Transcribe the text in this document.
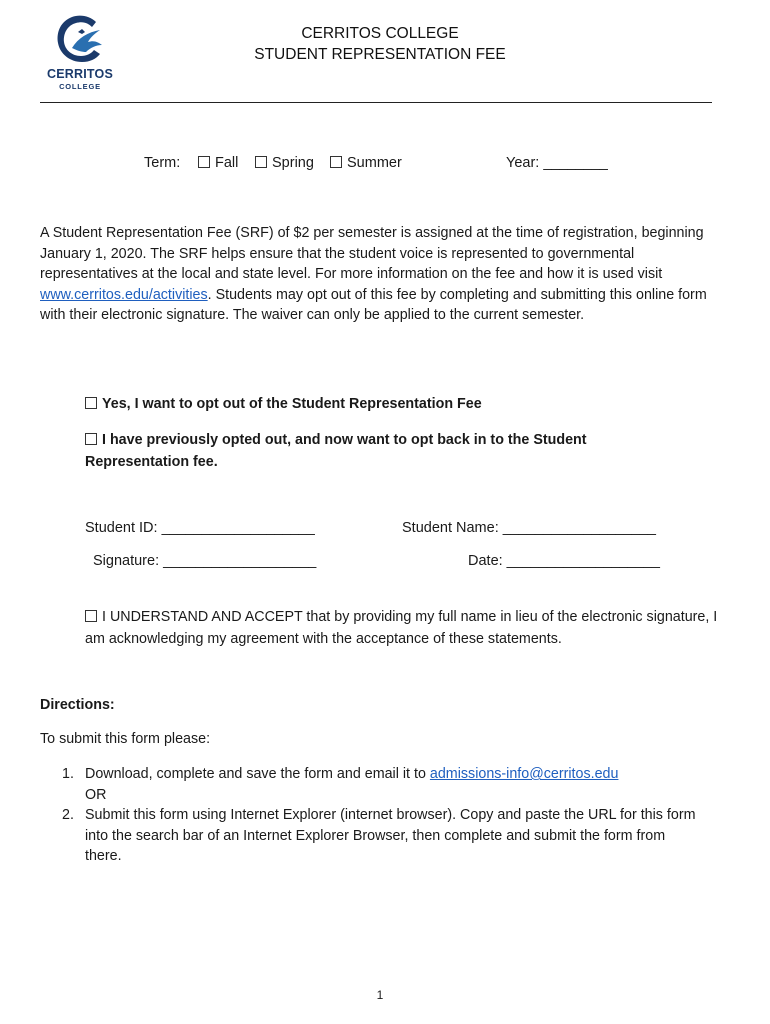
CERRITOS
COLLEGE
CERRITOS COLLEGE
STUDENT REPRESENTATION FEE
Term:	Fall	Spring	Summer	Year: ________
A Student Representation Fee (SRF) of $2 per semester is assigned at the time of registration, beginning January 1, 2020. The SRF helps ensure that the student voice is represented to governmental representatives at the local and state level. For more information on the fee and how it is used visit www.cerritos.edu/activities. Students may opt out of this fee by completing and submitting this online form with their electronic signature. The waiver can only be applied to the current semester.
Yes, I want to opt out of the Student Representation Fee
I have previously opted out, and now want to opt back in to the Student Representation fee.
Student ID: ___________________	Student Name: ___________________
Signature: ___________________	Date: ___________________
I UNDERSTAND AND ACCEPT that by providing my full name in lieu of the electronic signature, I am acknowledging my agreement with the acceptance of these statements.
Directions:
To submit this form please:
1. Download, complete and save the form and email it to admissions-info@cerritos.edu
OR
2. Submit this form using Internet Explorer (internet browser). Copy and paste the URL for this form into the search bar of an Internet Explorer Browser, then complete and submit the form from there.
1
